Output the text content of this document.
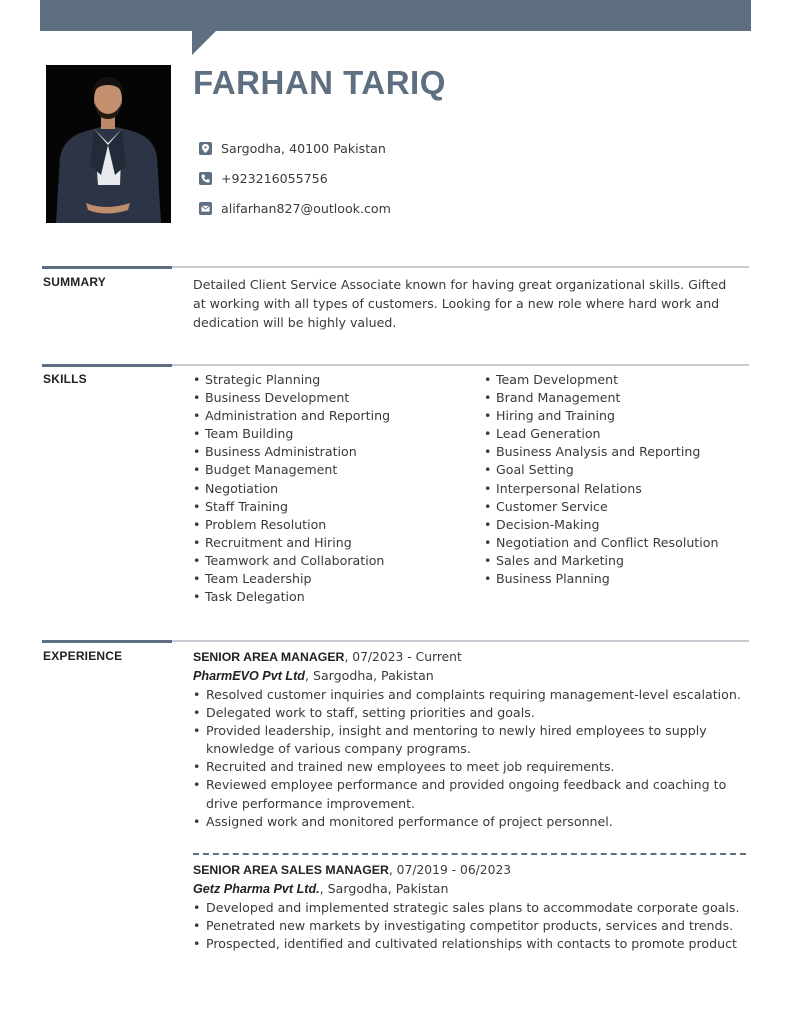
FARHAN TARIQ
Sargodha, 40100 Pakistan
+923216055756
alifarhan827@outlook.com
SUMMARY	Detailed Client Service Associate known for having great organizational skills. Gifted at working with all types of customers. Looking for a new role where hard work and dedication will be highly valued.

SKILLS
•	Strategic Planning
• Business Development
• Administration and Reporting
• Team Building
• Business Administration
• Budget Management
• Negotiation
• Staff Training
• Problem Resolution
• Recruitment and Hiring
• Teamwork and Collaboration
• Team Leadership
• Task Delegation
• Team Development
• Brand Management
• Hiring and Training
• Lead Generation
• Business Analysis and Reporting
• Goal Setting
• Interpersonal Relations
• Customer Service
• Decision-Making
• Negotiation and Conflict Resolution
• Sales and Marketing
• Business Planning
EXPERIENCE	SENIOR AREA MANAGER, 07/2023 - Current
PharmEVO Pvt Ltd, Sargodha, Pakistan
• Resolved customer inquiries and complaints requiring management-level escalation.
• Delegated work to staff, setting priorities and goals.
• Provided leadership, insight and mentoring to newly hired employees to supply knowledge of various company programs.
• Recruited and trained new employees to meet job requirements.
• Reviewed employee performance and provided ongoing feedback and coaching to drive performance improvement.
• Assigned work and monitored performance of project personnel.
SENIOR AREA SALES MANAGER, 07/2019 - 06/2023
Getz Pharma Pvt Ltd., Sargodha, Pakistan
• Developed and implemented strategic sales plans to accommodate corporate goals.
• Penetrated new markets by investigating competitor products, services and trends.
• Prospected, identified and cultivated relationships with contacts to promote product
